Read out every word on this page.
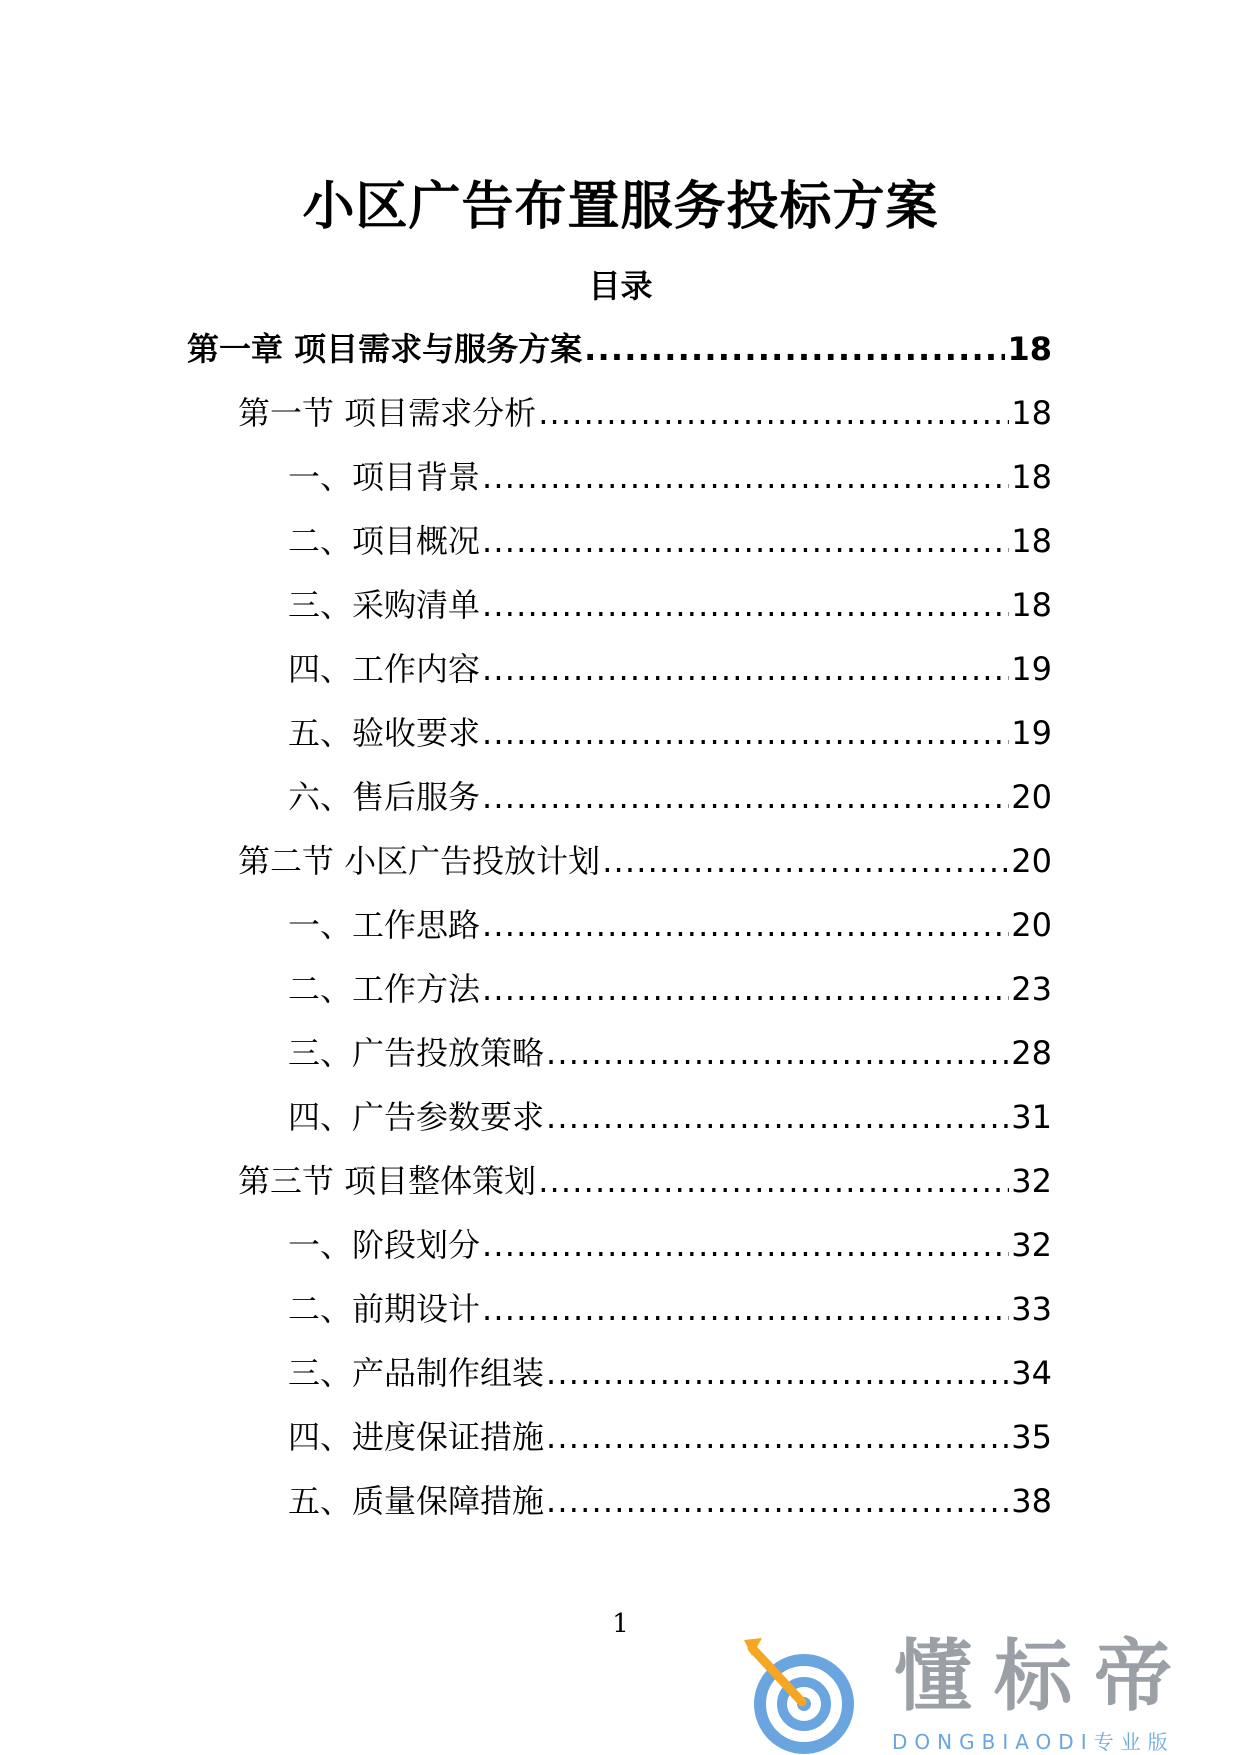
小区广告布置服务投标方案
目录
第一章 项目需求与服务方案 .....	18
第一节 项目需求分析 .....	18
一、项目背景 .....	18
二、项目概况 .....	18
三、采购清单 .....	18
四、工作内容 .....	19
五、验收要求 .....	19
六、售后服务 .....	20
第二节 小区广告投放计划 .....	20
一、工作思路 .....	20
二、工作方法 .....	23
三、广告投放策略 .....	28
四、广告参数要求 .....	31
第三节 项目整体策划 .....	32
一、阶段划分 .....	32
二、前期设计 .....	33
三、产品制作组装 .....	34
四、进度保证措施 .....	35
五、质量保障措施 .....	38
1
懂标帝
DONGBIAODI专业版
